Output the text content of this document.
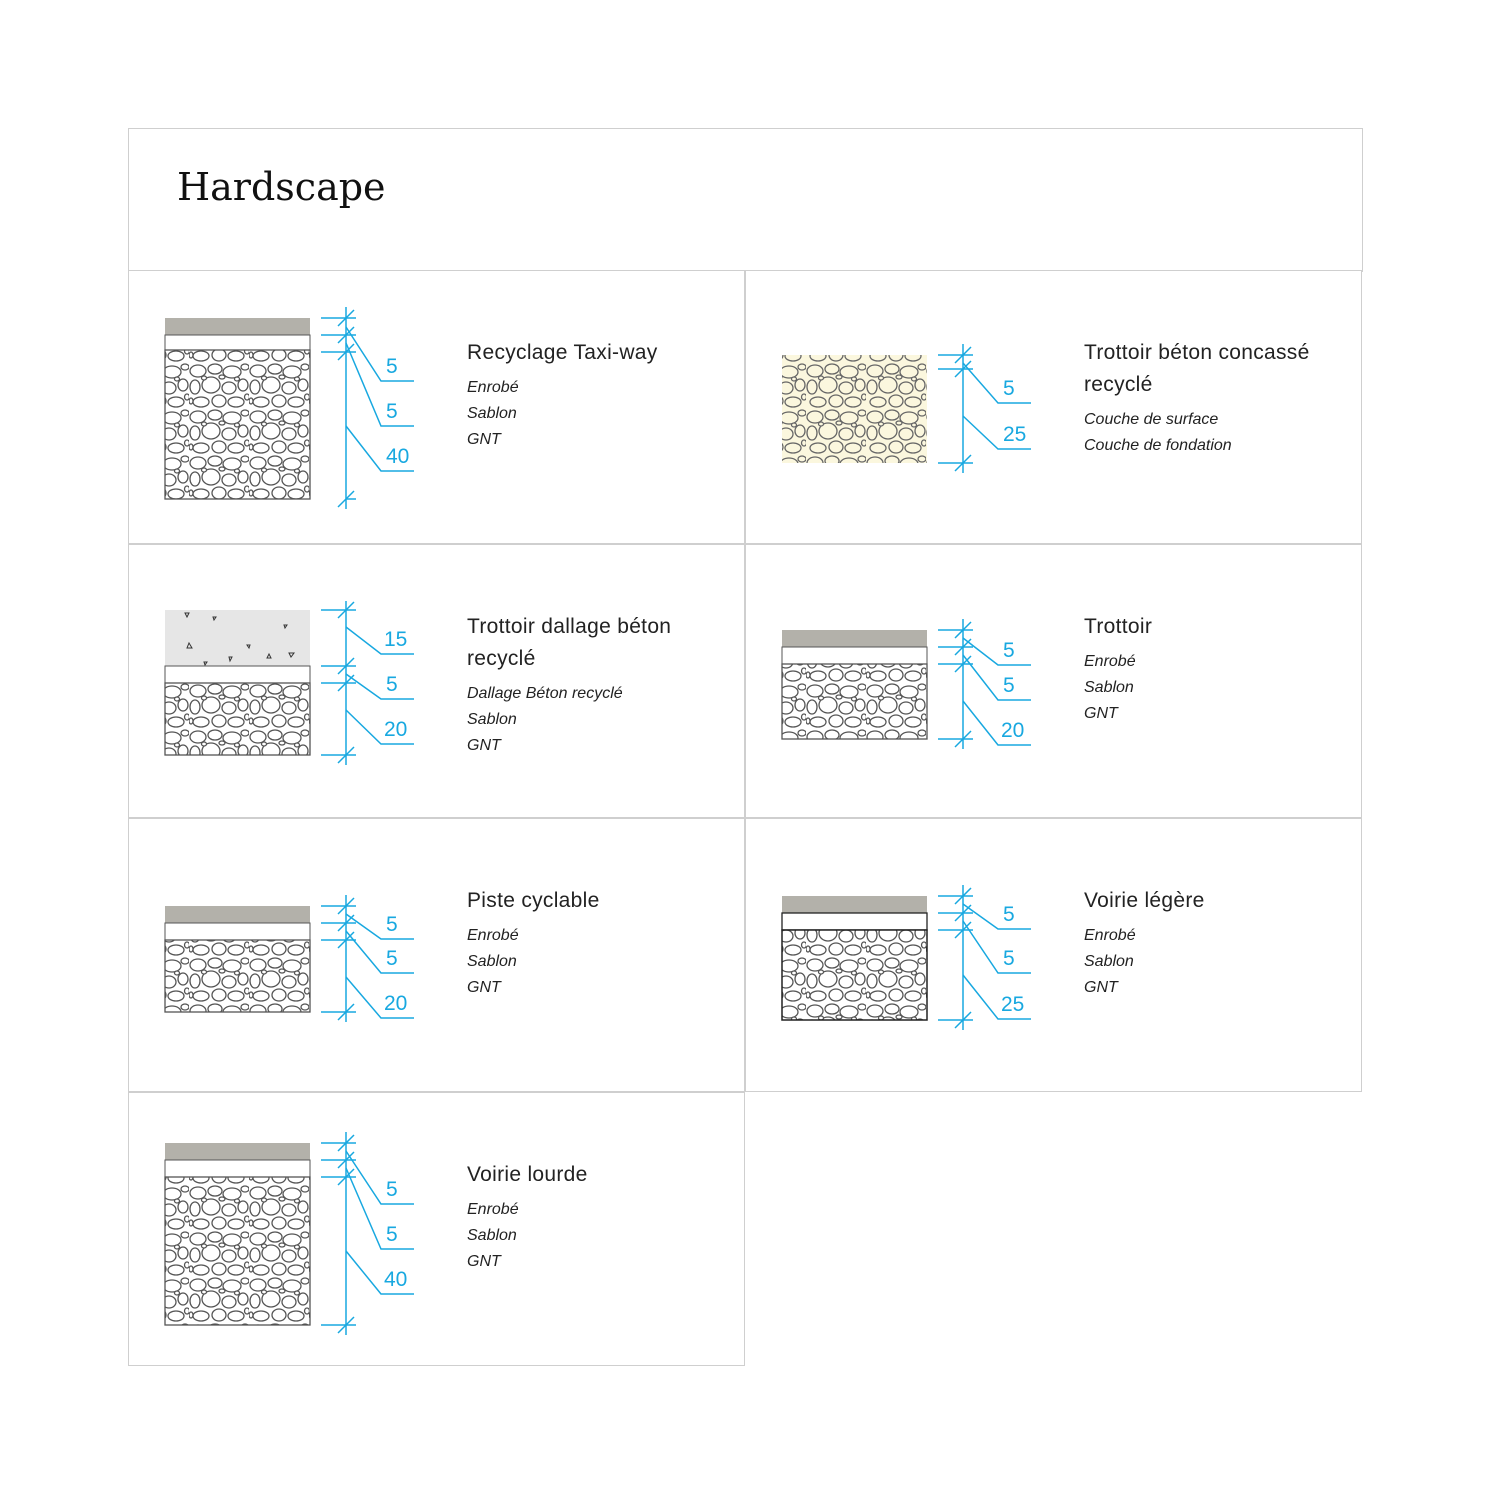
Hardscape
5
5
40
Recyclage Taxi-way
Enrobé
Sablon
GNT
5
25
Trottoir béton concassé recyclé
Couche de surface
Couche de fondation
15
5
20
Trottoir dallage béton recyclé
Dallage Béton recyclé
Sablon
GNT
5
5
20
Trottoir
Enrobé
Sablon
GNT
5
5
20
Piste cyclable
Enrobé
Sablon
GNT
5
5
25
Voirie légère
Enrobé
Sablon
GNT
5
5
40
Voirie lourde
Enrobé
Sablon
GNT
